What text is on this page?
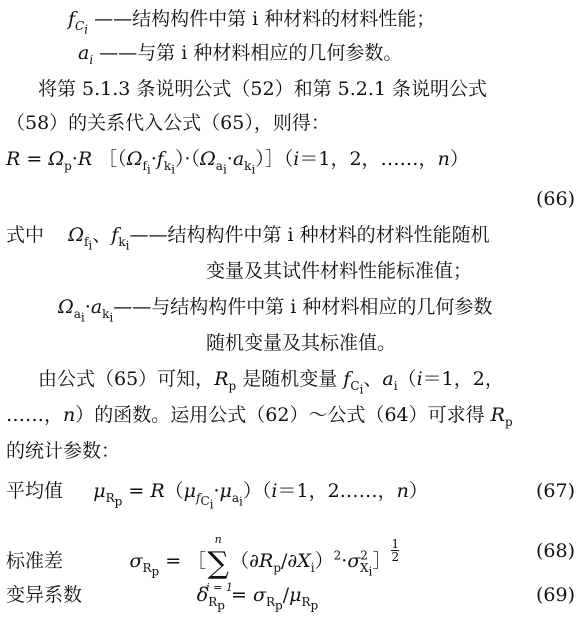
$f_{C_i}$ ——结构构件中第 i 种材料的材料性能；
$a_i$ ——与第 i 种材料相应的几何参数。
将第 5.1.3 条说明公式（52）和第 5.2.1 条说明公式
（58）的关系代入公式（65），则得：
$R = \Omega_p\cdot R$ $[(\Omega_{f_i}\cdot f_{k_i})\cdot(\Omega_{a_i}\cdot a_{k_i})](i=1$，2，……，n）
(66)
式中 $\Omega_{f_i}$、$f_{k_i}——$结构构件中第 i 种材料的材料性能随机
变量及其试件材料性能标准值；
$\Omega_{a_i}\cdot a_{k_i}——$与结构构件中第 i 种材料相应的几何参数
随机变量及其标准值。
由公式（65）可知，$R_p$ 是随机变量 $f_{C_i}$、$a_i(i=1$，2，
……，n）的函数。运用公式（62）～公式（64）可求得 $R_p$
的统计参数：
平均值 $\mu_{R_p} = R(\mu_{f_{C_i}}\cdot\mu_{a_i})(i=1$，2……，n）	(67)
标准差	$\sigma_{R_p}$ = ［
n
∑
i = 1
$(\partial R_p/\partial X_i)^2\cdot\sigma^2_{X_i}]\frac{1}{2}$	(68)
变异系数	$\delta_{R_p} = \sigma_{R_p}/\mu_{R_p}$	(69)
